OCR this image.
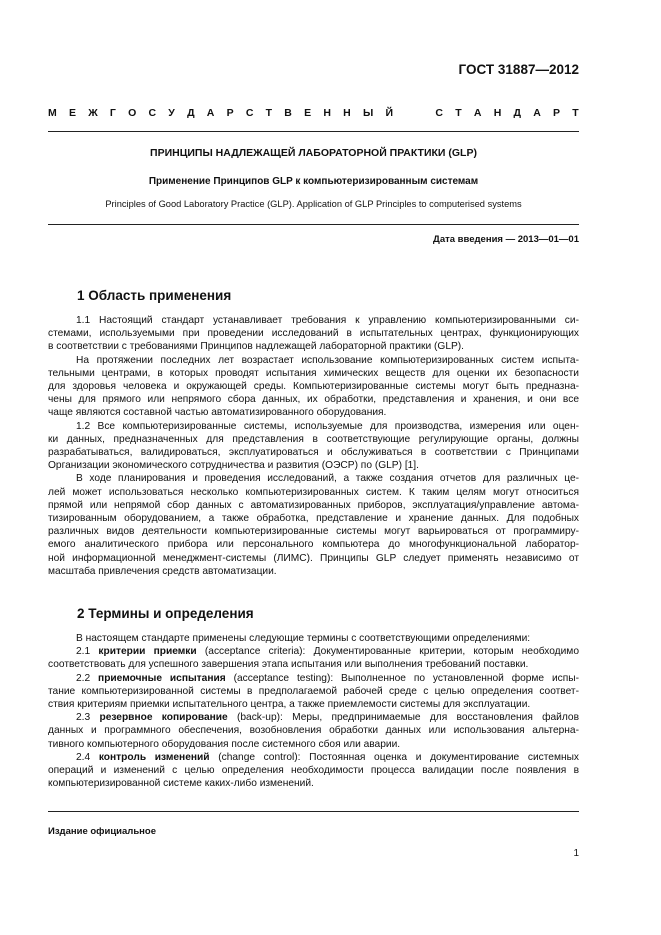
ГОСТ 31887—2012
М Е Ж Г О С У Д А Р С Т В Е Н Н Ы Й	С Т А Н Д А Р Т
ПРИНЦИПЫ НАДЛЕЖАЩЕЙ ЛАБОРАТОРНОЙ ПРАКТИКИ (GLP)
Применение Принципов GLP к компьютеризированным системам
Principles of Good Laboratory Practice (GLP). Application of GLP Principles to computerised systems
Дата введения — 2013—01—01
1 Область применения
1.1 Настоящий стандарт устанавливает требования к управлению компьютеризированными си-
стемами, используемыми при проведении исследований в испытательных центрах, функционирующих
в соответствии с требованиями Принципов надлежащей лабораторной практики (GLP).
На протяжении последних лет возрастает использование компьютеризированных систем испыта-
тельными центрами, в которых проводят испытания химических веществ для оценки их безопасности
для здоровья человека и окружающей среды. Компьютеризированные системы могут быть предназна-
чены для прямого или непрямого сбора данных, их обработки, представления и хранения, и они все
чаще являются составной частью автоматизированного оборудования.
1.2 Все компьютеризированные системы, используемые для производства, измерения или оцен-
ки данных, предназначенных для представления в соответствующие регулирующие органы, должны
разрабатываться, валидироваться, эксплуатироваться и обслуживаться в соответствии с Принципами
Организации экономического сотрудничества и развития (ОЭСР) по (GLP) [1].
В ходе планирования и проведения исследований, а также создания отчетов для различных це-
лей может использоваться несколько компьютеризированных систем. К таким целям могут относиться
прямой или непрямой сбор данных с автоматизированных приборов, эксплуатация/управление автома-
тизированным оборудованием, а также обработка, представление и хранение данных. Для подобных
различных видов деятельности компьютеризированные системы могут варьироваться от программиру-
емого аналитического прибора или персонального компьютера до многофункциональной лаборатор-
ной информационной менеджмент-системы (ЛИМС). Принципы GLP следует применять независимо от
масштаба привлечения средств автоматизации.
2 Термины и определения
В настоящем стандарте применены следующие термины с соответствующими определениями:
2.1 критерии приемки (acceptance criteria): Документированные критерии, которым необходимо
соответствовать для успешного завершения этапа испытания или выполнения требований поставки.
2.2 приемочные испытания (acceptance testing): Выполненное по установленной форме испы-
тание компьютеризированной системы в предполагаемой рабочей среде с целью определения соответ-
ствия критериям приемки испытательного центра, а также приемлемости системы для эксплуатации.
2.3 резервное копирование (back-up): Меры, предпринимаемые для восстановления файлов
данных и программного обеспечения, возобновления обработки данных или использования альтерна-
тивного компьютерного оборудования после системного сбоя или аварии.
2.4 контроль изменений (change control): Постоянная оценка и документирование системных
операций и изменений с целью определения необходимости процесса валидации после появления в
компьютеризированной системе каких-либо изменений.
Издание официальное
1
